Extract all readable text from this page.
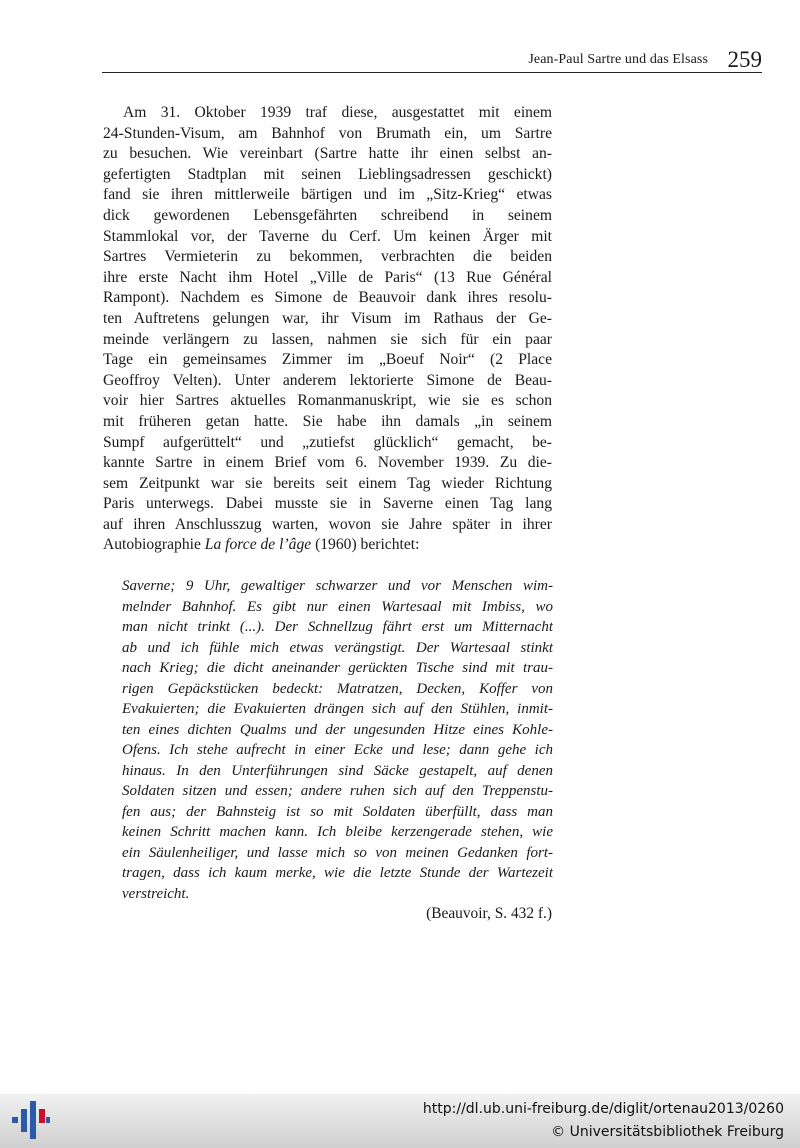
Jean-Paul Sartre und das Elsass 259
Am 31. Oktober 1939 traf diese, ausgestattet mit einem
24-Stunden-Visum, am Bahnhof von Brumath ein, um Sartre
zu besuchen. Wie vereinbart (Sartre hatte ihr einen selbst an-
gefertigten Stadtplan mit seinen Lieblingsadressen geschickt)
fand sie ihren mittlerweile bärtigen und im „Sitz-Krieg“ etwas
dick gewordenen Lebensgefährten schreibend in seinem
Stammlokal vor, der Taverne du Cerf. Um keinen Ärger mit
Sartres Vermieterin zu bekommen, verbrachten die beiden
ihre erste Nacht ihm Hotel „Ville de Paris“ (13 Rue Général
Rampont). Nachdem es Simone de Beauvoir dank ihres resolu-
ten Auftretens gelungen war, ihr Visum im Rathaus der Ge-
meinde verlängern zu lassen, nahmen sie sich für ein paar
Tage ein gemeinsames Zimmer im „Boeuf Noir“ (2 Place
Geoffroy Velten). Unter anderem lektorierte Simone de Beau-
voir hier Sartres aktuelles Romanmanuskript, wie sie es schon
mit früheren getan hatte. Sie habe ihn damals „in seinem
Sumpf aufgerüttelt“ und „zutiefst glücklich“ gemacht, be-
kannte Sartre in einem Brief vom 6. November 1939. Zu die-
sem Zeitpunkt war sie bereits seit einem Tag wieder Richtung
Paris unterwegs. Dabei musste sie in Saverne einen Tag lang
auf ihren Anschlusszug warten, wovon sie Jahre später in ihrer
Autobiographie La force de l’âge (1960) berichtet:
Saverne; 9 Uhr, gewaltiger schwarzer und vor Menschen wim-
melnder Bahnhof. Es gibt nur einen Wartesaal mit Imbiss, wo
man nicht trinkt (...). Der Schnellzug fährt erst um Mitternacht
ab und ich fühle mich etwas verängstigt. Der Wartesaal stinkt
nach Krieg; die dicht aneinander gerückten Tische sind mit trau-
rigen Gepäckstücken bedeckt: Matratzen, Decken, Koffer von
Evakuierten; die Evakuierten drängen sich auf den Stühlen, inmit-
ten eines dichten Qualms und der ungesunden Hitze eines Kohle-
Ofens. Ich stehe aufrecht in einer Ecke und lese; dann gehe ich
hinaus. In den Unterführungen sind Säcke gestapelt, auf denen
Soldaten sitzen und essen; andere ruhen sich auf den Treppenstu-
fen aus; der Bahnsteig ist so mit Soldaten überfüllt, dass man
keinen Schritt machen kann. Ich bleibe kerzengerade stehen, wie
ein Säulenheiliger, und lasse mich so von meinen Gedanken fort-
tragen, dass ich kaum merke, wie die letzte Stunde der Wartezeit
verstreicht.
(Beauvoir, S. 432 f.)
http://dl.ub.uni-freiburg.de/diglit/ortenau2013/0260
© Universitätsbibliothek Freiburg
